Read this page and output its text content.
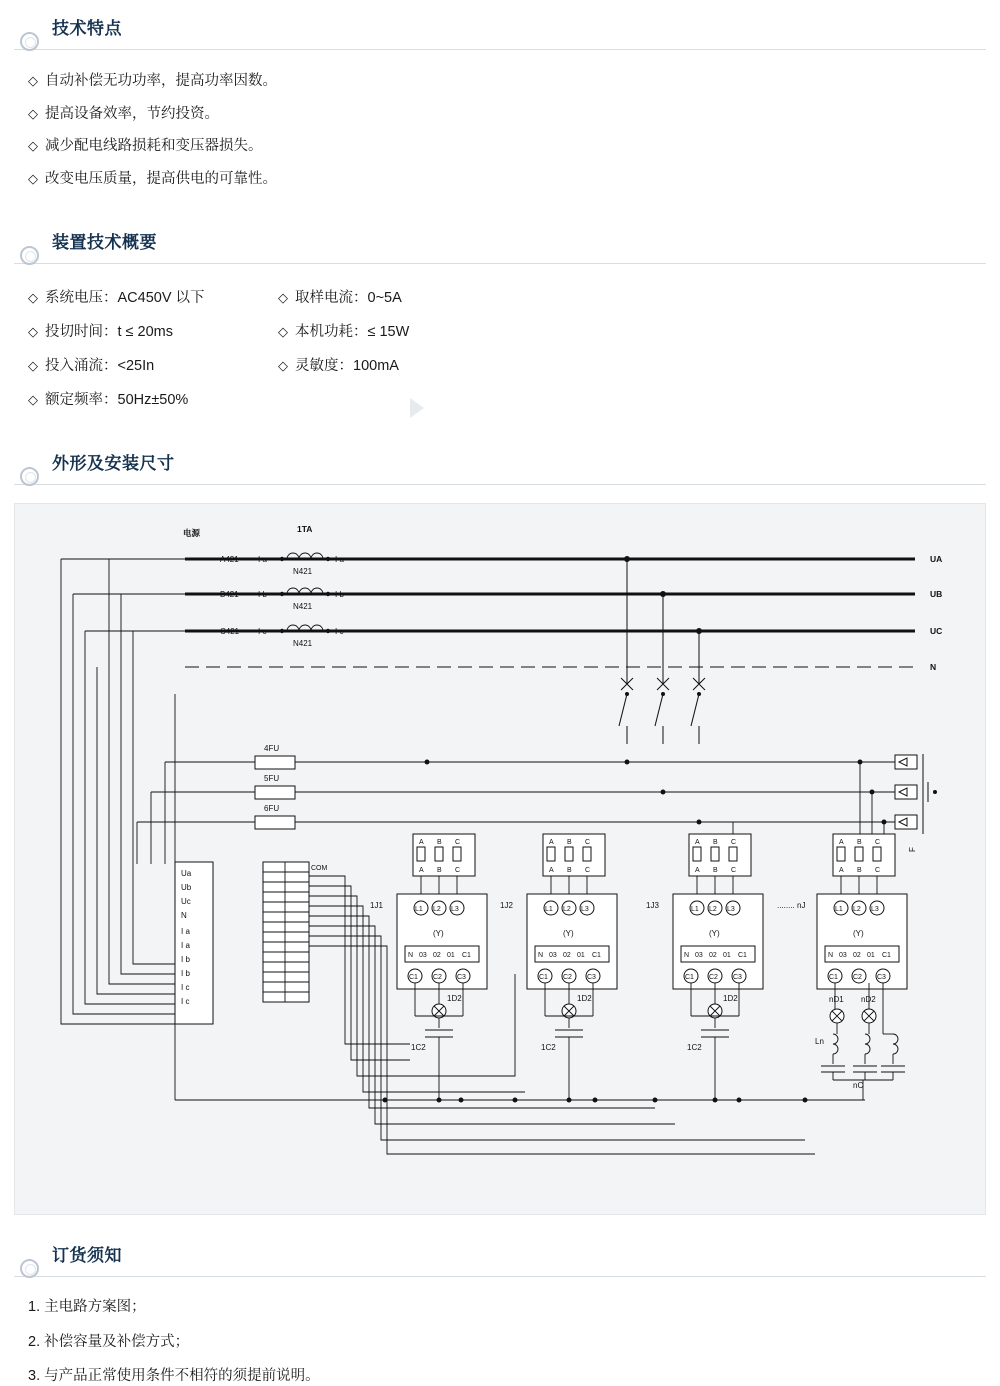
技术特点
◇ 自动补偿无功功率，提高功率因数。
◇ 提高设备效率，节约投资。
◇ 减少配电线路损耗和变压器损失。
◇ 改变电压质量，提高供电的可靠性。
装置技术概要
◇ 系统电压：AC450V 以下	◇ 取样电流：0~5A
◇ 投切时间：t ≤ 20ms	◇ 本机功耗：≤ 15W
◇ 投入涌流：<25In	◇ 灵敏度：100mA
◇ 额定频率：50Hz±50%
外形及安装尺寸
UA
UB
UC
N
电源	1TA
A421 I a
N421
I a
B421 I b
N421
I b
C421 I c
N421
I c
4FU
5FU
6FU
F
Ua
Ub
Uc
N
I a
I a
I b
I b
I c
I c
COM
A B C
A B C
1J1	L1 L2 L3
(Y)
N 03 02 01 C1
C1 C2 C3
1D2
1C2
A B C
A B C
1J2	L1 L2 L3
(Y)
N 03 02 01 C1
C1 C2 C3
1D2
1C2
A B C
A B C
1J3	L1 L2 L3
(Y)
N 03 02 01 C1
C1 C2 C3
1D2
1C2
........ nJ
A B C
A B C
L1 L2 L3
(Y)
N 03 02 01 C1
C1 C2 C3
nD1 nD2
Ln
nC
订货须知
1. 主电路方案图；
2. 补偿容量及补偿方式；
3. 与产品正常使用条件不相符的须提前说明。
